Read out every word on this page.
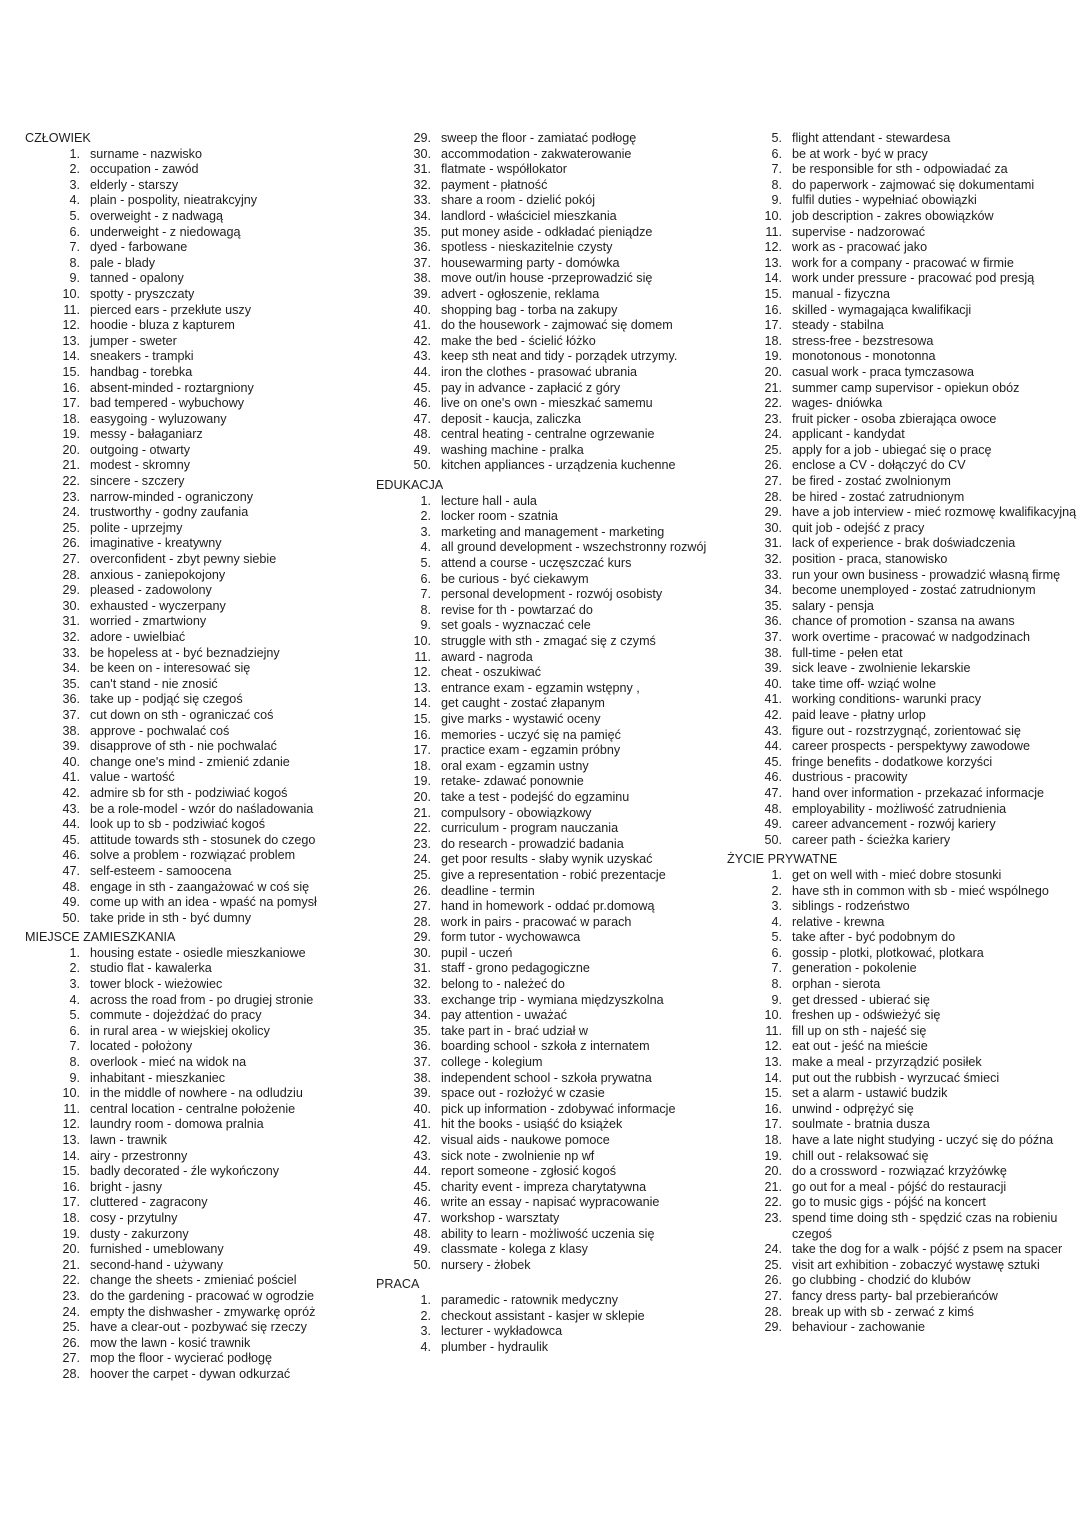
CZŁOWIEK
1 . surname - nazwisko
2 . occupation - zawód
3 . elderly - starszy
4 . plain - pospolity, nieatrakcyjny
5 . overweight - z nadwagą
6 . underweight - z niedowagą
7 . dyed - farbowane
8 . pale - blady
9 . tanned - opalony
10 . spotty - pryszczaty
11 . pierced ears - przekłute uszy
12 . hoodie - bluza z kapturem
13 . jumper - sweter
14 . sneakers - trampki
15 . handbag - torebka
16 . absent-minded - roztargniony
17 . bad tempered - wybuchowy
18 . easygoing - wyluzowany
19 . messy - bałaganiarz
20 . outgoing - otwarty
21 . modest - skromny
22 . sincere - szczery
23 . narrow-minded - ograniczony
24 . trustworthy - godny zaufania
25 . polite - uprzejmy
26 . imaginative - kreatywny
27 . overconfident - zbyt pewny siebie
28 . anxious - zaniepokojony
29 . pleased - zadowolony
30 . exhausted - wyczerpany
31 . worried - zmartwiony
32 . adore - uwielbiać
33 . be hopeless at - być beznadziejny
34 . be keen on - interesować się
35 . can't stand - nie znosić
36 . take up - podjąć się czegoś
37 . cut down on sth - ograniczać coś
38 . approve - pochwalać coś
39 . disapprove of sth - nie pochwalać
40 . change one's mind - zmienić zdanie
41 . value - wartość
42 . admire sb for sth - podziwiać kogoś
43 . be a role-model - wzór do naśladowania
44 . look up to sb - podziwiać kogoś
45 . attitude towards sth - stosunek do czego
46 . solve a problem - rozwiązać problem
47 . self-esteem - samoocena
48 . engage in sth - zaangażować w coś się
49 . come up with an idea - wpaść na pomysł
50 . take pride in sth - być dumny
MIEJSCE ZAMIESZKANIA
1 . housing estate - osiedle mieszkaniowe
2 . studio flat - kawalerka
3 . tower block - wieżowiec
4 . across the road from - po drugiej stronie
5 . commute - dojeżdżać do pracy
6 . in rural area - w wiejskiej okolicy
7 . located - położony
8 . overlook - mieć na widok na
9 . inhabitant - mieszkaniec
10 . in the middle of nowhere - na odludziu
11 . central location - centralne położenie
12 . laundry room - domowa pralnia
13 . lawn - trawnik
14 . airy - przestronny
15 . badly decorated - źle wykończony
16 . bright - jasny
17 . cluttered - zagracony
18 . cosy - przytulny
19 . dusty - zakurzony
20 . furnished - umeblowany
21 . second-hand - używany
22 . change the sheets - zmieniać pościel
23 . do the gardening - pracować w ogrodzie
24 . empty the dishwasher - zmywarkę opróż
25 . have a clear-out - pozbywać się rzeczy
26 . mow the lawn - kosić trawnik
27 . mop the floor - wycierać podłogę
28 . hoover the carpet - dywan odkurzać
29 . sweep the floor - zamiatać podłogę
30 . accommodation - zakwaterowanie
31 . flatmate - współlokator
32 . payment - płatność
33 . share a room - dzielić pokój
34 . landlord - właściciel mieszkania
35 . put money aside - odkładać pieniądze
36 . spotless - nieskazitelnie czysty
37 . housewarming party - domówka
38 . move out/in house -przeprowadzić się
39 . advert - ogłoszenie, reklama
40 . shopping bag - torba na zakupy
41 . do the housework - zajmować się domem
42 . make the bed - ścielić łóżko
43 . keep sth neat and tidy - porządek utrzymy.
44 . iron the clothes - prasować ubrania
45 . pay in advance - zapłacić z góry
46 . live on one's own - mieszkać samemu
47 . deposit - kaucja, zaliczka
48 . central heating - centralne ogrzewanie
49 . washing machine - pralka
50 . kitchen appliances - urządzenia kuchenne
EDUKACJA
1 . lecture hall - aula
2 . locker room - szatnia
3 . marketing and management - marketing
4 . all ground development - wszechstronny rozwój
5 . attend a course - uczęszczać kurs
6 . be curious - być ciekawym
7 . personal development - rozwój osobisty
8 . revise for th - powtarzać do
9 . set goals - wyznaczać cele
10 . struggle with sth - zmagać się z czymś
11 . award - nagroda
12 . cheat - oszukiwać
13 . entrance exam - egzamin wstępny ,
14 . get caught - zostać złapanym
15 . give marks - wystawić oceny
16 . memories - uczyć się na pamięć
17 . practice exam - egzamin próbny
18 . oral exam - egzamin ustny
19 . retake- zdawać ponownie
20 . take a test - podejść do egzaminu
21 . compulsory - obowiązkowy
22 . curriculum - program nauczania
23 . do research - prowadzić badania
24 . get poor results - słaby wynik uzyskać
25 . give a representation - robić prezentacje
26 . deadline - termin
27 . hand in homework - oddać pr.domową
28 . work in pairs - pracować w parach
29 . form tutor - wychowawca
30 . pupil - uczeń
31 . staff - grono pedagogiczne
32 . belong to - należeć do
33 . exchange trip - wymiana międzyszkolna
34 . pay attention - uważać
35 . take part in - brać udział w
36 . boarding school - szkoła z internatem
37 . college - kolegium
38 . independent school - szkoła prywatna
39 . space out - rozłożyć w czasie
40 . pick up information - zdobywać informacje
41 . hit the books - usiąść do książek
42 . visual aids - naukowe pomoce
43 . sick note - zwolnienie np wf
44 . report someone - zgłosić kogoś
45 . charity event - impreza charytatywna
46 . write an essay - napisać wypracowanie
47 . workshop - warsztaty
48 . ability to learn - możliwość uczenia się
49 . classmate - kolega z klasy
50 . nursery - żłobek
PRACA
1 . paramedic - ratownik medyczny
2 . checkout assistant - kasjer w sklepie
3 . lecturer - wykładowca
4 . plumber - hydraulik
5 . flight attendant - stewardesa
6 . be at work - być w pracy
7 . be responsible for sth - odpowiadać za
8 . do paperwork - zajmować się dokumentami
9 . fulfil duties - wypełniać obowiązki
10 . job description - zakres obowiązków
11 . supervise - nadzorować
12 . work as - pracować jako
13 . work for a company - pracować w firmie
14 . work under pressure - pracować pod presją
15 . manual - fizyczna
16 . skilled - wymagająca kwalifikacji
17 . steady - stabilna
18 . stress-free - bezstresowa
19 . monotonous - monotonna
20 . casual work - praca tymczasowa
21 . summer camp supervisor - opiekun obóz
22 . wages- dniówka
23 . fruit picker - osoba zbierająca owoce
24 . applicant - kandydat
25 . apply for a job - ubiegać się o pracę
26 . enclose a CV - dołączyć do CV
27 . be fired - zostać zwolnionym
28 . be hired - zostać zatrudnionym
29 . have a job interview - mieć rozmowę kwalifikacyjną
30 . quit job - odejść z pracy
31 . lack of experience - brak doświadczenia
32 . position - praca, stanowisko
33 . run your own business - prowadzić własną firmę
34 . become unemployed - zostać zatrudnionym
35 . salary - pensja
36 . chance of promotion - szansa na awans
37 . work overtime - pracować w nadgodzinach
38 . full-time - pełen etat
39 . sick leave - zwolnienie lekarskie
40 . take time off- wziąć wolne
41 . working conditions- warunki pracy
42 . paid leave - płatny urlop
43 . figure out - rozstrzygnąć, zorientować się
44 . career prospects - perspektywy zawodowe
45 . fringe benefits - dodatkowe korzyści
46 . dustrious - pracowity
47 . hand over information - przekazać informacje
48 . employability - możliwość zatrudnienia
49 . career advancement - rozwój kariery
50 . career path - ścieżka kariery
ŻYCIE PRYWATNE
1 . get on well with - mieć dobre stosunki
2 . have sth in common with sb - mieć wspólnego
3 . siblings - rodzeństwo
4 . relative - krewna
5 . take after - być podobnym do
6 . gossip - plotki, plotkować, plotkara
7 . generation - pokolenie
8 . orphan - sierota
9 . get dressed - ubierać się
10 . freshen up - odświeżyć się
11 . fill up on sth - najeść się
12 . eat out - jeść na mieście
13 . make a meal - przyrządzić posiłek
14 . put out the rubbish - wyrzucać śmieci
15 . set a alarm - ustawić budzik
16 . unwind - odprężyć się
17 . soulmate - bratnia dusza
18 . have a late night studying - uczyć się do późna
19 . chill out - relaksować się
20 . do a crossword - rozwiązać krzyżówkę
21 . go out for a meal - pójść do restauracji
22 . go to music gigs - pójść na koncert
23 . spend time doing sth - spędzić czas na robieniu czegoś
24 . take the dog for a walk - pójść z psem na spacer
25 . visit art exhibition - zobaczyć wystawę sztuki
26 . go clubbing - chodzić do klubów
27 . fancy dress party- bal przebierańców
28 . break up with sb - zerwać z kimś
29 . behaviour - zachowanie
